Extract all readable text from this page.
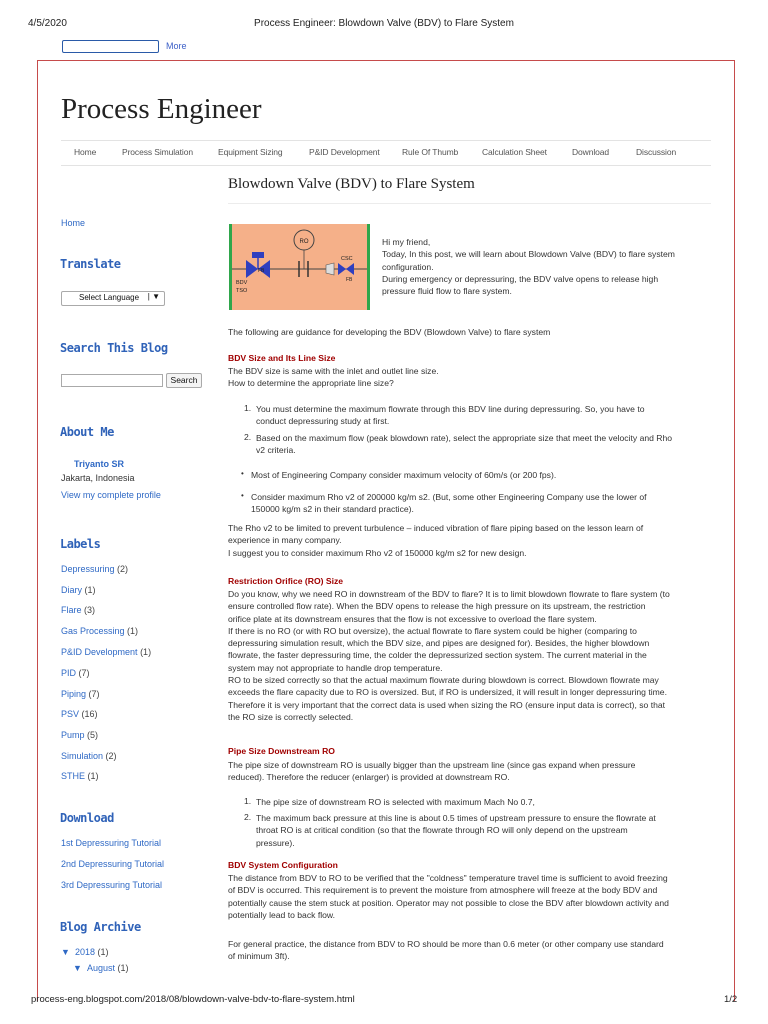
4/5/2020	Process Engineer: Blowdown Valve (BDV) to Flare System
More
Process Engineer
Home	Process Simulation	Equipment Sizing	P&ID Development	Rule Of Thumb	Calculation Sheet	Download	Discussion
Blowdown Valve (BDV) to Flare System
Home
Translate
Select Language | ▼
Search This Blog
Search
About Me
Triyanto SR
Jakarta, Indonesia
View my complete profile
Labels
Depressuring (2)
Diary (1)
Flare (3)
Gas Processing (1)
P&ID Development (1)
PID (7)
Piping (7)
PSV (16)
Pump (5)
Simulation (2)
STHE (1)
Download
1st Depressuring Tutorial
2nd Depressuring Tutorial
3rd Depressuring Tutorial
Blog Archive
▼ 2018 (1)
▼ August (1)
RO
FB
BDV
TSO
CSC
FB
Hi my friend,
Today, In this post, we will learn about Blowdown Valve (BDV) to flare system
configuration.
During emergency or depressuring, the BDV valve opens to release high
pressure fluid flow to flare system.
The following are guidance for developing the BDV (Blowdown Valve) to flare system
BDV Size and Its Line Size
The BDV size is same with the inlet and outlet line size.
How to determine the appropriate line size?
1. You must determine the maximum flowrate through this BDV line during depressuring. So, you have to
conduct depressuring study at first.
2. Based on the maximum flow (peak blowdown rate), select the appropriate size that meet the velocity and Rho
v2 criteria.
• Most of Engineering Company consider maximum velocity of 60m/s (or 200 fps).
• Consider maximum Rho v2 of 200000 kg/m s2. (But, some other Engineering Company use the lower of
150000 kg/m s2 in their standard practice).
The Rho v2 to be limited to prevent turbulence – induced vibration of flare piping based on the lesson learn of
experience in many company.
I suggest you to consider maximum Rho v2 of 150000 kg/m s2 for new design.
Restriction Orifice (RO) Size
Do you know, why we need RO in downstream of the BDV to flare? It is to limit blowdown flowrate to flare system (to
ensure controlled flow rate). When the BDV opens to release the high pressure on its upstream, the restriction
orifice plate at its downstream ensures that the flow is not excessive to overload the flare system.
If there is no RO (or with RO but oversize), the actual flowrate to flare system could be higher (comparing to
depressuring simulation result, which the BDV size, and pipes are designed for). Besides, the higher blowdown
flowrate, the faster depressuring time, the colder the depressurized section system. The current material in the
system may not appropriate to handle drop temperature.
RO to be sized correctly so that the actual maximum flowrate during blowdown is correct. Blowdown flowrate may
exceeds the flare capacity due to RO is oversized. But, if RO is undersized, it will result in longer depressuring time.
Therefore it is very important that the correct data is used when sizing the RO (ensure input data is correct), so that
the RO size is correctly selected.
Pipe Size Downstream RO
The pipe size of downstream RO is usually bigger than the upstream line (since gas expand when pressure
reduced). Therefore the reducer (enlarger) is provided at downstream RO.
1. The pipe size of downstream RO is selected with maximum Mach No 0.7,
2. The maximum back pressure at this line is about 0.5 times of upstream pressure to ensure the flowrate at
throat RO is at critical condition (so that the flowrate through RO will only depend on the upstream
pressure).
BDV System Configuration
The distance from BDV to RO to be verified that the "coldness" temperature travel time is sufficient to avoid freezing
of BDV is occurred. This requirement is to prevent the moisture from atmosphere will freeze at the body BDV and
potentially cause the stem stuck at position. Operator may not possible to close the BDV after blowdown activity and
potentially lead to back flow.
For general practice, the distance from BDV to RO should be more than 0.6 meter (or other company use standard
of minimum 3ft).
process-eng.blogspot.com/2018/08/blowdown-valve-bdv-to-flare-system.html	1/2
